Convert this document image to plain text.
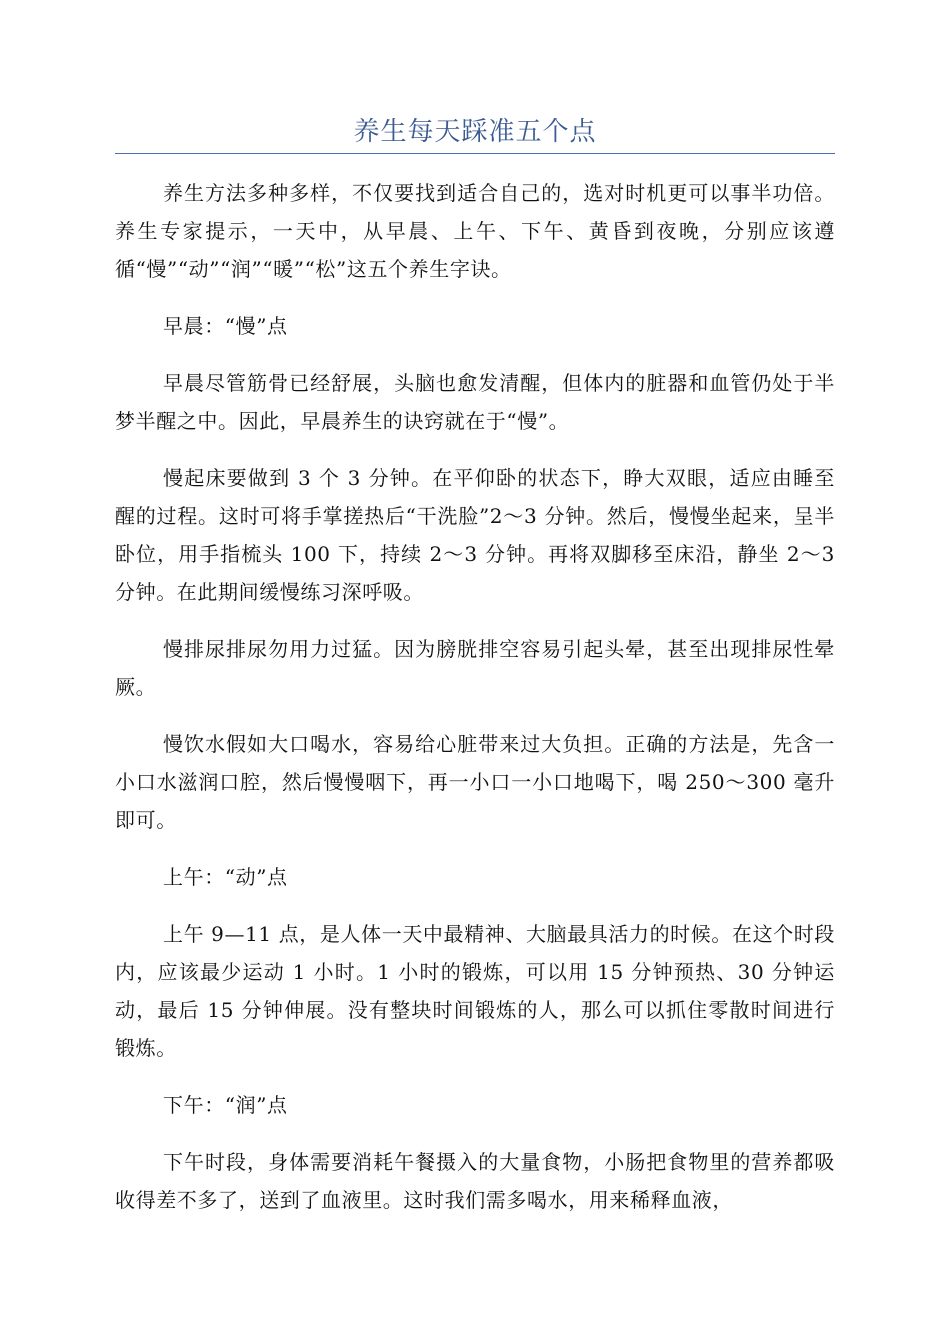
养生每天踩准五个点

养生方法多种多样，不仅要找到适合自己的，选对时机更可以事半功倍。养生专家提示，一天中，从早晨、上午、下午、黄昏到夜晚，分别应该遵循“慢”“动”“润”“暖”“松”这五个养生字诀。

早晨：“慢”点

早晨尽管筋骨已经舒展，头脑也愈发清醒，但体内的脏器和血管仍处于半梦半醒之中。因此，早晨养生的诀窍就在于“慢”。

慢起床要做到 3 个 3 分钟。在平仰卧的状态下，睁大双眼，适应由睡至醒的过程。这时可将手掌搓热后“干洗脸”2～3 分钟。然后，慢慢坐起来，呈半卧位，用手指梳头 100 下，持续 2～3 分钟。再将双脚移至床沿，静坐 2～3 分钟。在此期间缓慢练习深呼吸。

慢排尿排尿勿用力过猛。因为膀胱排空容易引起头晕，甚至出现排尿性晕厥。

慢饮水假如大口喝水，容易给心脏带来过大负担。正确的方法是，先含一小口水滋润口腔，然后慢慢咽下，再一小口一小口地喝下，喝 250～300 毫升即可。

上午：“动”点

上午 9—11 点，是人体一天中最精神、大脑最具活力的时候。在这个时段内，应该最少运动 1 小时。1 小时的锻炼，可以用 15 分钟预热、30 分钟运动，最后 15 分钟伸展。没有整块时间锻炼的人，那么可以抓住零散时间进行锻炼。

下午：“润”点

下午时段，身体需要消耗午餐摄入的大量食物，小肠把食物里的营养都吸收得差不多了，送到了血液里。这时我们需多喝水，用来稀释血液，
